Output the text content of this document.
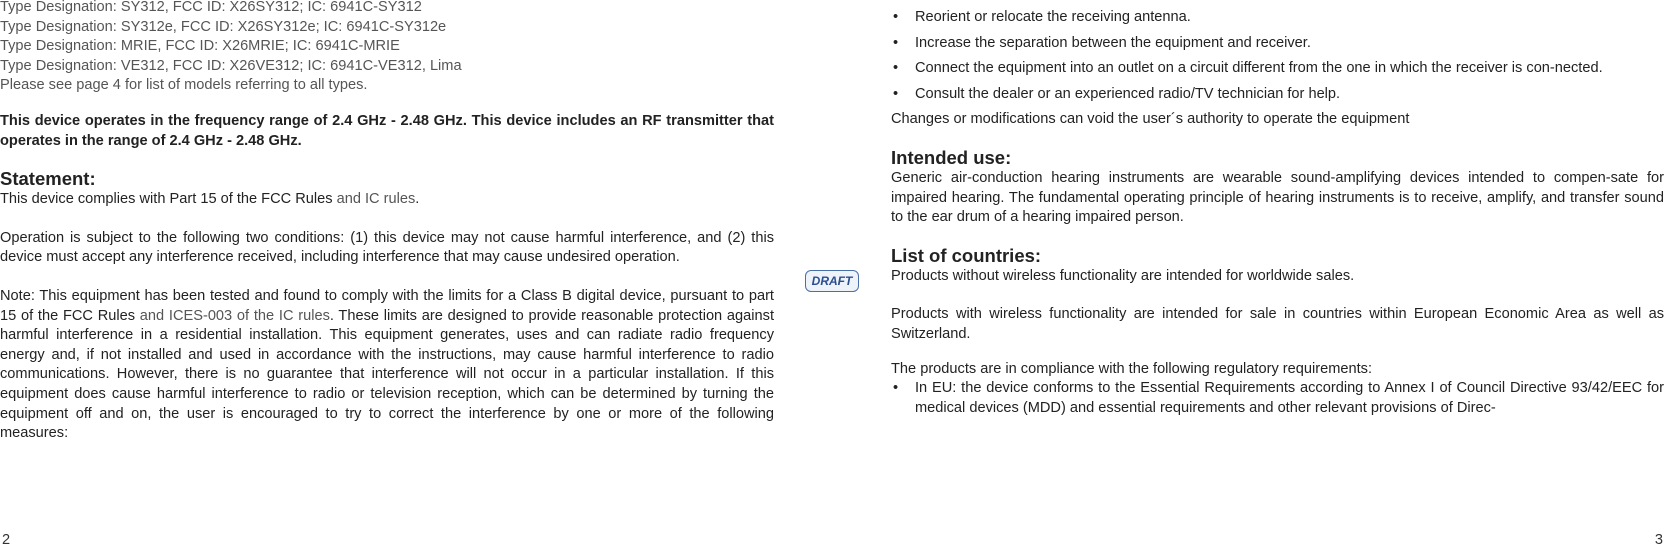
Type Designation: SY312, FCC ID: X26SY312; IC: 6941C-SY312

Type Designation: SY312e, FCC ID: X26SY312e; IC: 6941C-SY312e

Type Designation: MRIE, FCC ID: X26MRIE; IC: 6941C-MRIE

Type Designation: VE312, FCC ID: X26VE312; IC: 6941C-VE312, Lima

Please see page 4 for list of models referring to all types.

This device operates in the frequency range of 2.4 GHz - 2.48 GHz. This device includes an RF transmitter that operates in the range of 2.4 GHz - 2.48 GHz.

Statement:

This device complies with Part 15 of the FCC Rules and IC rules.

Operation is subject to the following two conditions: (1) this device may not cause harmful interference, and (2) this device must accept any interference received, including interference that may cause undesired operation.

Note: This equipment has been tested and found to comply with the limits for a Class B digital device, pursuant to part 15 of the FCC Rules and ICES-003 of the IC rules. These limits are designed to provide reasonable protection against harmful interference in a residential installation. This equipment generates, uses and can radiate radio frequency energy and, if not installed and used in accordance with the instructions, may cause harmful interference to radio communications. However, there is no guarantee that interference will not occur in a particular installation. If this equipment does cause harmful interference to radio or television reception, which can be determined by turning the equipment off and on, the user is encouraged to try to correct the interference by one or more of the following measures:

DRAFT
• Reorient or relocate the receiving antenna.
• Increase the separation between the equipment and receiver.
• Connect the equipment into an outlet on a circuit different from the one in which the receiver is con-nected.
• Consult the dealer or an experienced radio/TV technician for help.

Changes or modifications can void the user´s authority to operate the equipment

Intended use:

Generic air-conduction hearing instruments are wearable sound-amplifying devices intended to compen-sate for impaired hearing. The fundamental operating principle of hearing instruments is to receive, amplify, and transfer sound to the ear drum of a hearing impaired person.

List of countries:

Products without wireless functionality are intended for worldwide sales.

Products with wireless functionality are intended for sale in countries within European Economic Area as well as Switzerland.

The products are in compliance with the following regulatory requirements:

• In EU: the device conforms to the Essential Requirements according to Annex I of Council Directive 93/42/EEC for medical devices (MDD) and essential requirements and other relevant provisions of Direc-
2	3
